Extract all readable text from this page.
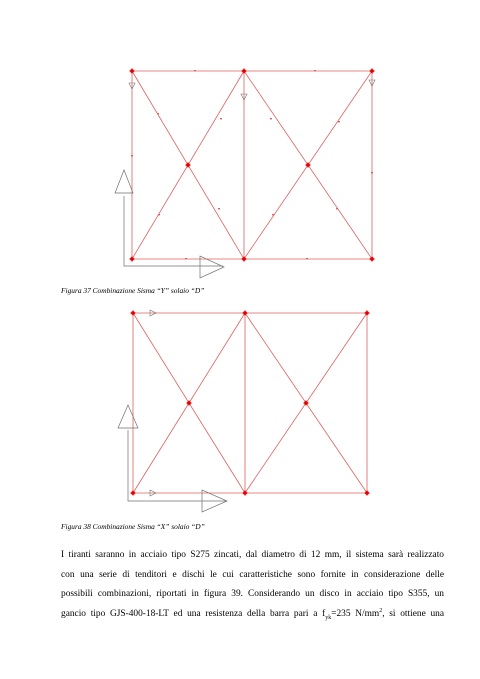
Figura 37 Combinazione Sisma “Y” solaio “D”
Figura 38 Combinazione Sisma “X” solaio “D”
I tiranti saranno in acciaio tipo S275 zincati, dal diametro di 12 mm, il sistema sarà realizzato
con una serie di tenditori e dischi le cui caratteristiche sono fornite in considerazione delle
possibili combinazioni, riportati in figura 39. Considerando un disco in acciaio tipo S355, un
gancio tipo GJS-400-18-LT ed una resistenza della barra pari a $f_{yk}=235$ $N/mm^2$, si ottiene una
